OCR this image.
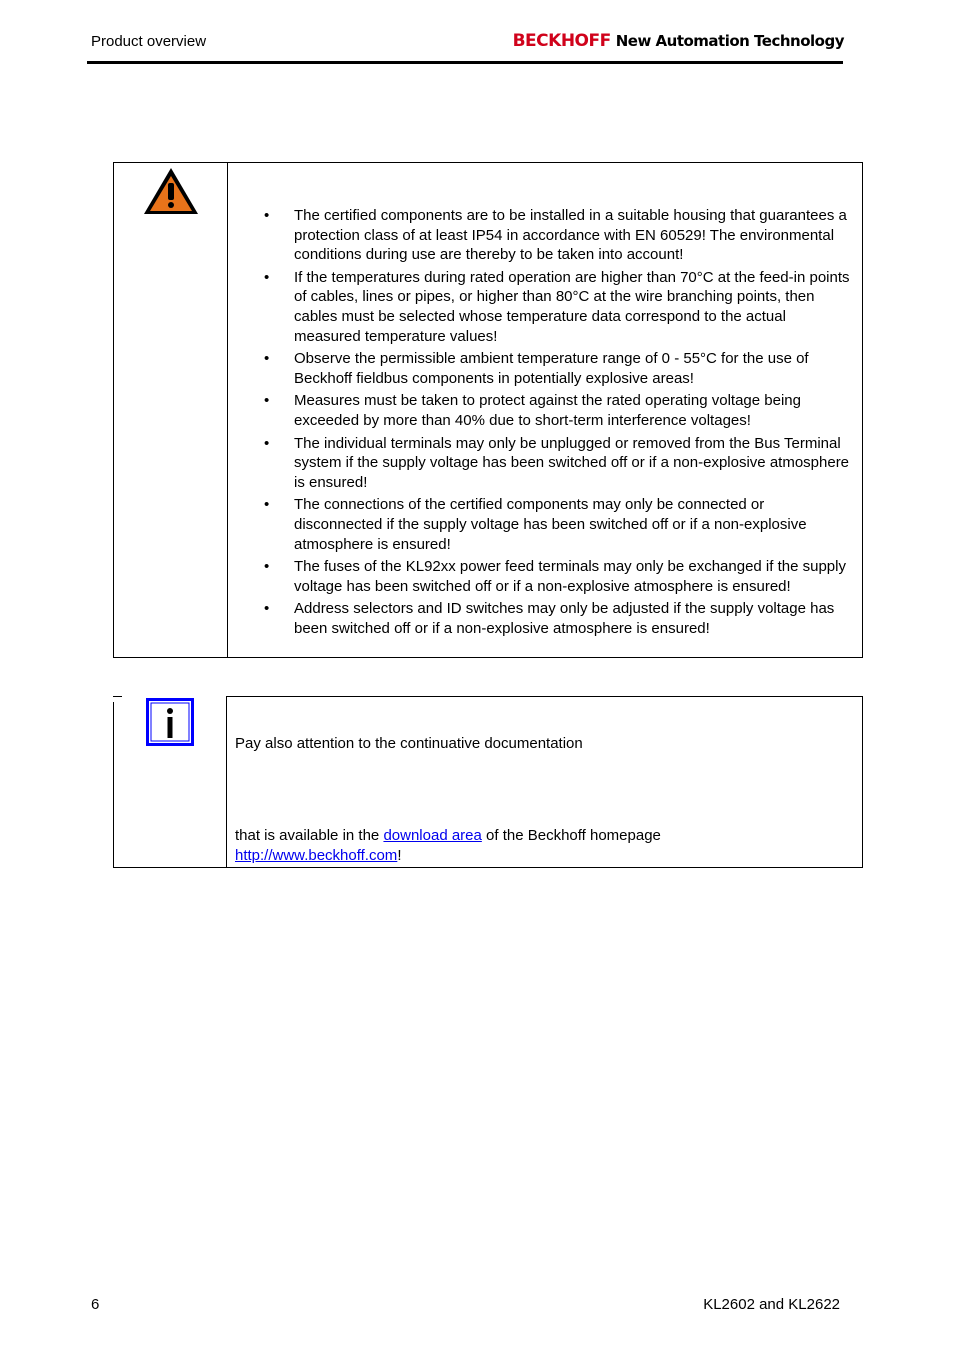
Product overview	BECKHOFF New Automation Technology
• The certified components are to be installed in a suitable housing that guarantees a protection class of at least IP54 in accordance with EN 60529! The environmental conditions during use are thereby to be taken into account!
• If the temperatures during rated operation are higher than 70°C at the feed-in points of cables, lines or pipes, or higher than 80°C at the wire branching points, then cables must be selected whose temperature data correspond to the actual measured temperature values!
• Observe the permissible ambient temperature range of 0 - 55°C for the use of Beckhoff fieldbus components in potentially explosive areas!
• Measures must be taken to protect against the rated operating voltage being exceeded by more than 40% due to short-term interference voltages!
• The individual terminals may only be unplugged or removed from the Bus Terminal system if the supply voltage has been switched off or if a non-explosive atmosphere is ensured!
• The connections of the certified components may only be connected or disconnected if the supply voltage has been switched off or if a non-explosive atmosphere is ensured!
• The fuses of the KL92xx power feed terminals may only be exchanged if the supply voltage has been switched off or if a non-explosive atmosphere is ensured!
• Address selectors and ID switches may only be adjusted if the supply voltage has been switched off or if a non-explosive atmosphere is ensured!
Pay also attention to the continuative documentation
that is available in the download area of the Beckhoff homepage
http://www.beckhoff.com!
6	KL2602 and KL2622
